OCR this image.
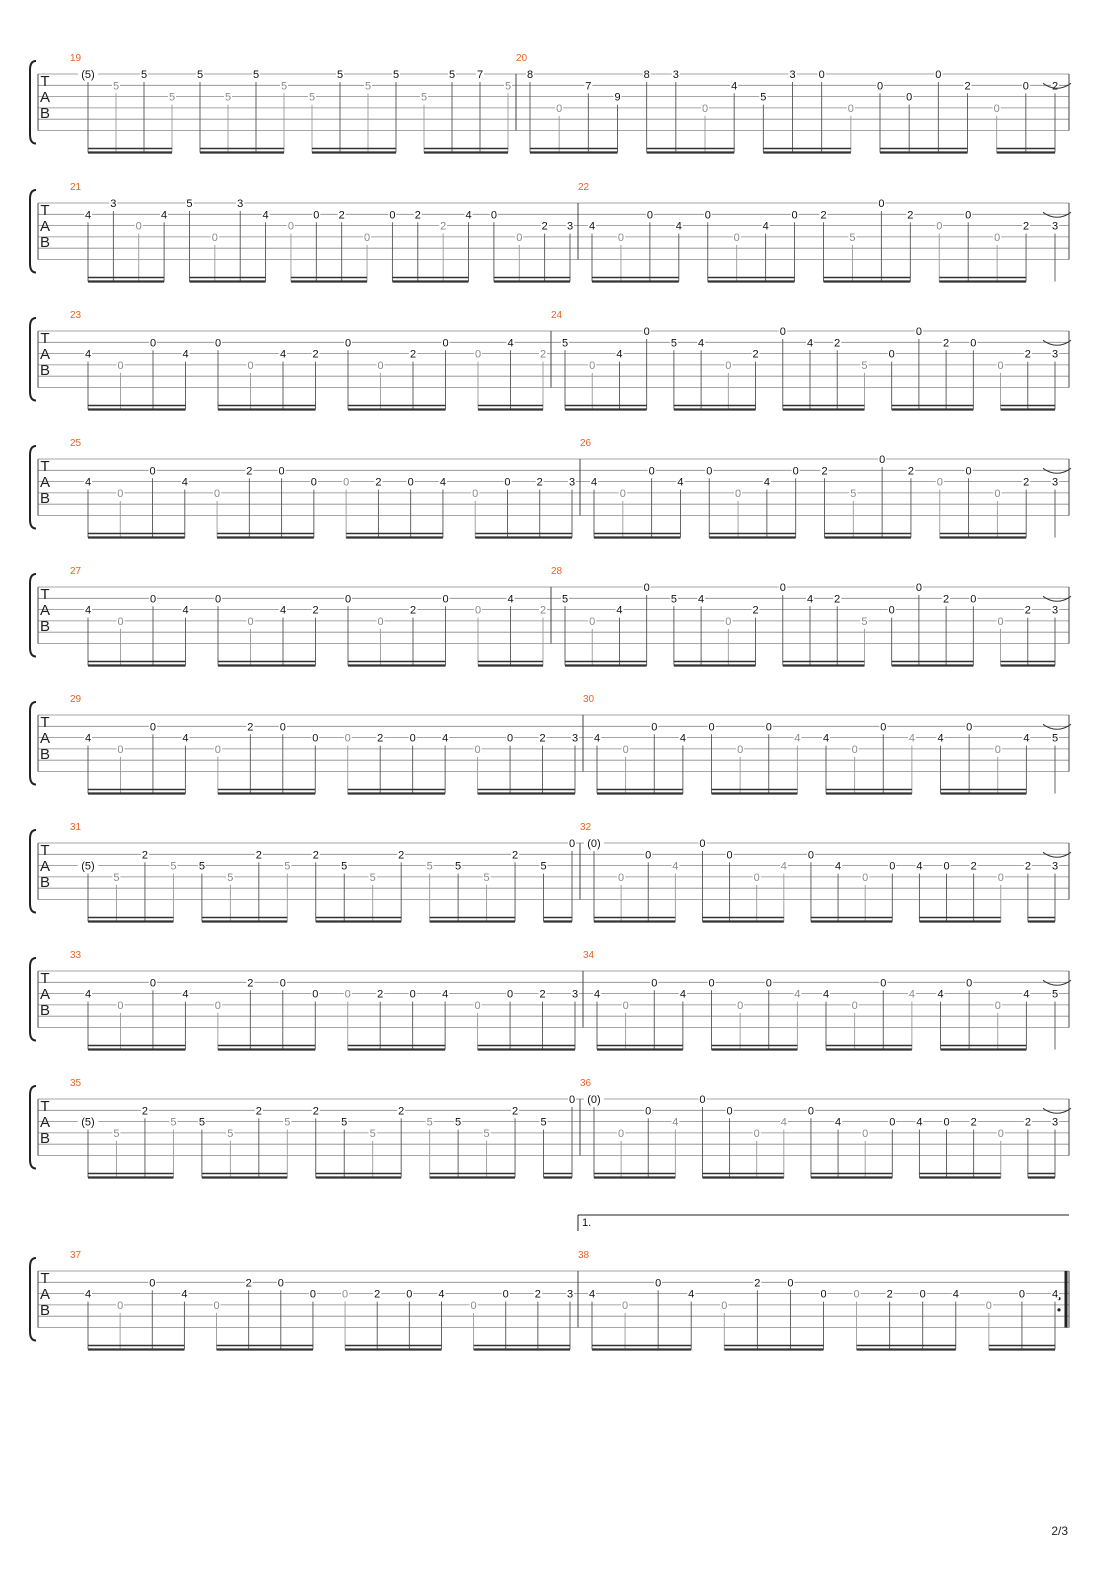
T
A
B
19
(5)
5
5
5
5
5
5
5
5
5
5
5
5
5 7
5
20
8
0
7
9
8 3
0
4
5
3 0
0
0
0
0
2
0
0 2
T
A
B
21
4
3
0
4
5
0
3
4
0
0 2
0
0 2
2
4 0
0
2 3
22
4
0
0
4
0
0
4
0 2
5
0
2
0
0
0
2 3
T
A
B
23
4
0
0
4
0
0
4 2
0
0
2
0
0
4
2
24
5
0
4
0
5 4
0
2
0
4 2
5
0
0
2 0
0
2 3
T
A
B
25
4
0
0
4
0
2 0
0 0 2 0 4
0
0 2 3
26
4
0
0
4
0
0
4
0 2
5
0
2
0
0
0
2 3
T
A
B
27
4
0
0
4
0
0
4 2
0
0
2
0
0
4
2
28
5
0
4
0
5 4
0
2
0
4 2
5
0
0
2 0
0
2 3
T
A
B
29
4
0
0
4
0
2 0
0 0 2 0 4
0
0 2 3
30
4
0
0
4
0
0
0
4 4
0
0
4 4
0
0
4 5
T
A
B
31
(5)
5
2
5 5
5
2
5
2
5
5
2
5 5
5
2
5
0
32
(0)
0
0
4
0
0
0
4
0
4
0
0 4 0 2
0
2 3
T
A
B
33
4
0
0
4
0
2 0
0 0 2 0 4
0
0 2 3
34
4
0
0
4
0
0
0
4 4
0
0
4 4
0
0
4 5
T
A
B
35
(5)
5
2
5 5
5
2
5
2
5
5
2
5 5
5
2
5
0
36
(0)
0
0
4
0
0
0
4
0
4
0
0 4 0 2
0
2 3
T
A
B
1.
37
4
0
0
4
0
2 0
0 0 2 0 4
0
0 2 3
38
4
0
0
4
0
2 0
0 0 2 0 4
0
0 4
2/3
